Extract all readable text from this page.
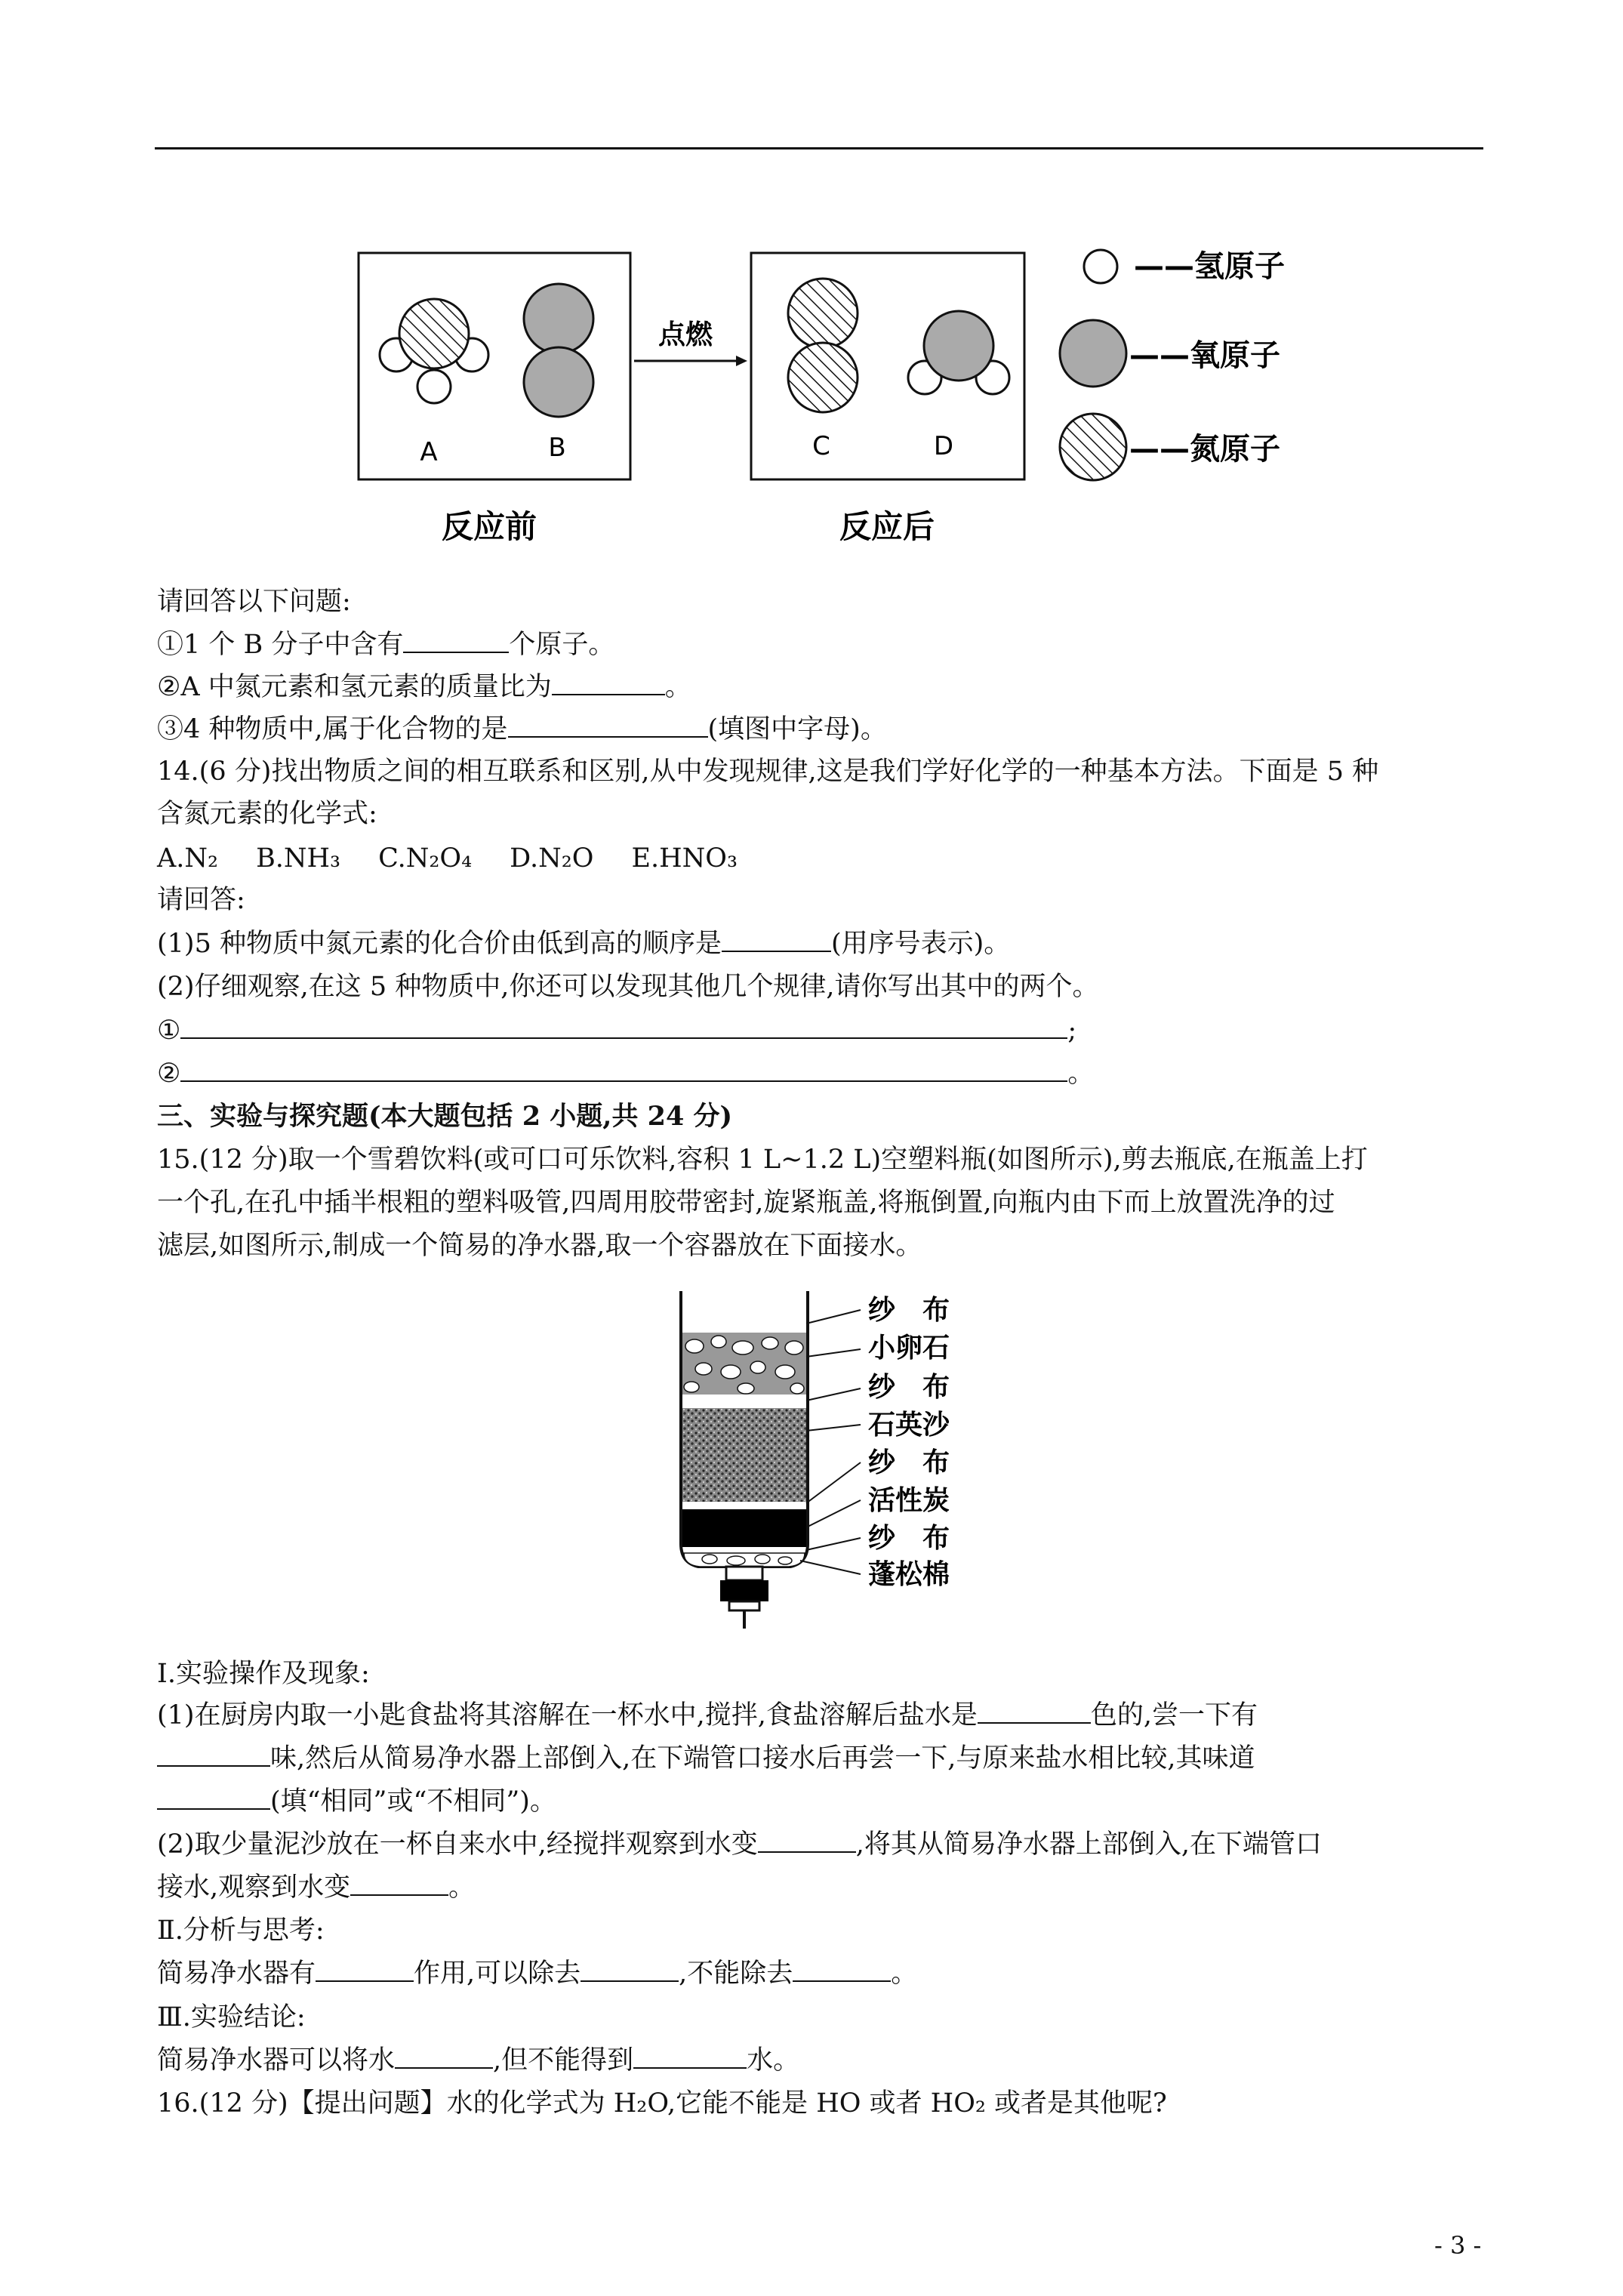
A	B
点燃
C	D
反应前	反应后
——氢原子
——氧原子
——氮原子
请回答以下问题:
①1 个 B 分子中含有	个原子。
②A 中氮元素和氢元素的质量比为	。
③4 种物质中,属于化合物的是	(填图中字母)。
14.(6 分)找出物质之间的相互联系和区别,从中发现规律,这是我们学好化学的一种基本方法。下面是 5 种
含氮元素的化学式:
A.N₂ B.NH₃ C.N₂O₄ D.N₂O E.HNO₃
请回答:
(1)5 种物质中氮元素的化合价由低到高的顺序是	(用序号表示)。
(2)仔细观察,在这 5 种物质中,你还可以发现其他几个规律,请你写出其中的两个。
①	;
②	。
三、实验与探究题(本大题包括 2 小题,共 24 分)
15.(12 分)取一个雪碧饮料(或可口可乐饮料,容积 1 L~1.2 L)空塑料瓶(如图所示),剪去瓶底,在瓶盖上打
一个孔,在孔中插半根粗的塑料吸管,四周用胶带密封,旋紧瓶盖,将瓶倒置,向瓶内由下而上放置洗净的过
滤层,如图所示,制成一个简易的净水器,取一个容器放在下面接水。
纱　布
小卵石
纱　布
石英沙
纱　布
活性炭
纱　布
蓬松棉
Ⅰ.实验操作及现象:
(1)在厨房内取一小匙食盐将其溶解在一杯水中,搅拌,食盐溶解后盐水是	色的,尝一下有
味,然后从简易净水器上部倒入,在下端管口接水后再尝一下,与原来盐水相比较,其味道
(填“相同”或“不相同”)。
(2)取少量泥沙放在一杯自来水中,经搅拌观察到水变	,将其从简易净水器上部倒入,在下端管口
接水,观察到水变	。
Ⅱ.分析与思考:
简易净水器有	作用,可以除去	,不能除去	。
Ⅲ.实验结论:
简易净水器可以将水	,但不能得到	水。
16.(12 分)【提出问题】水的化学式为 H₂O,它能不能是 HO 或者 HO₂ 或者是其他呢?
- 3 -
